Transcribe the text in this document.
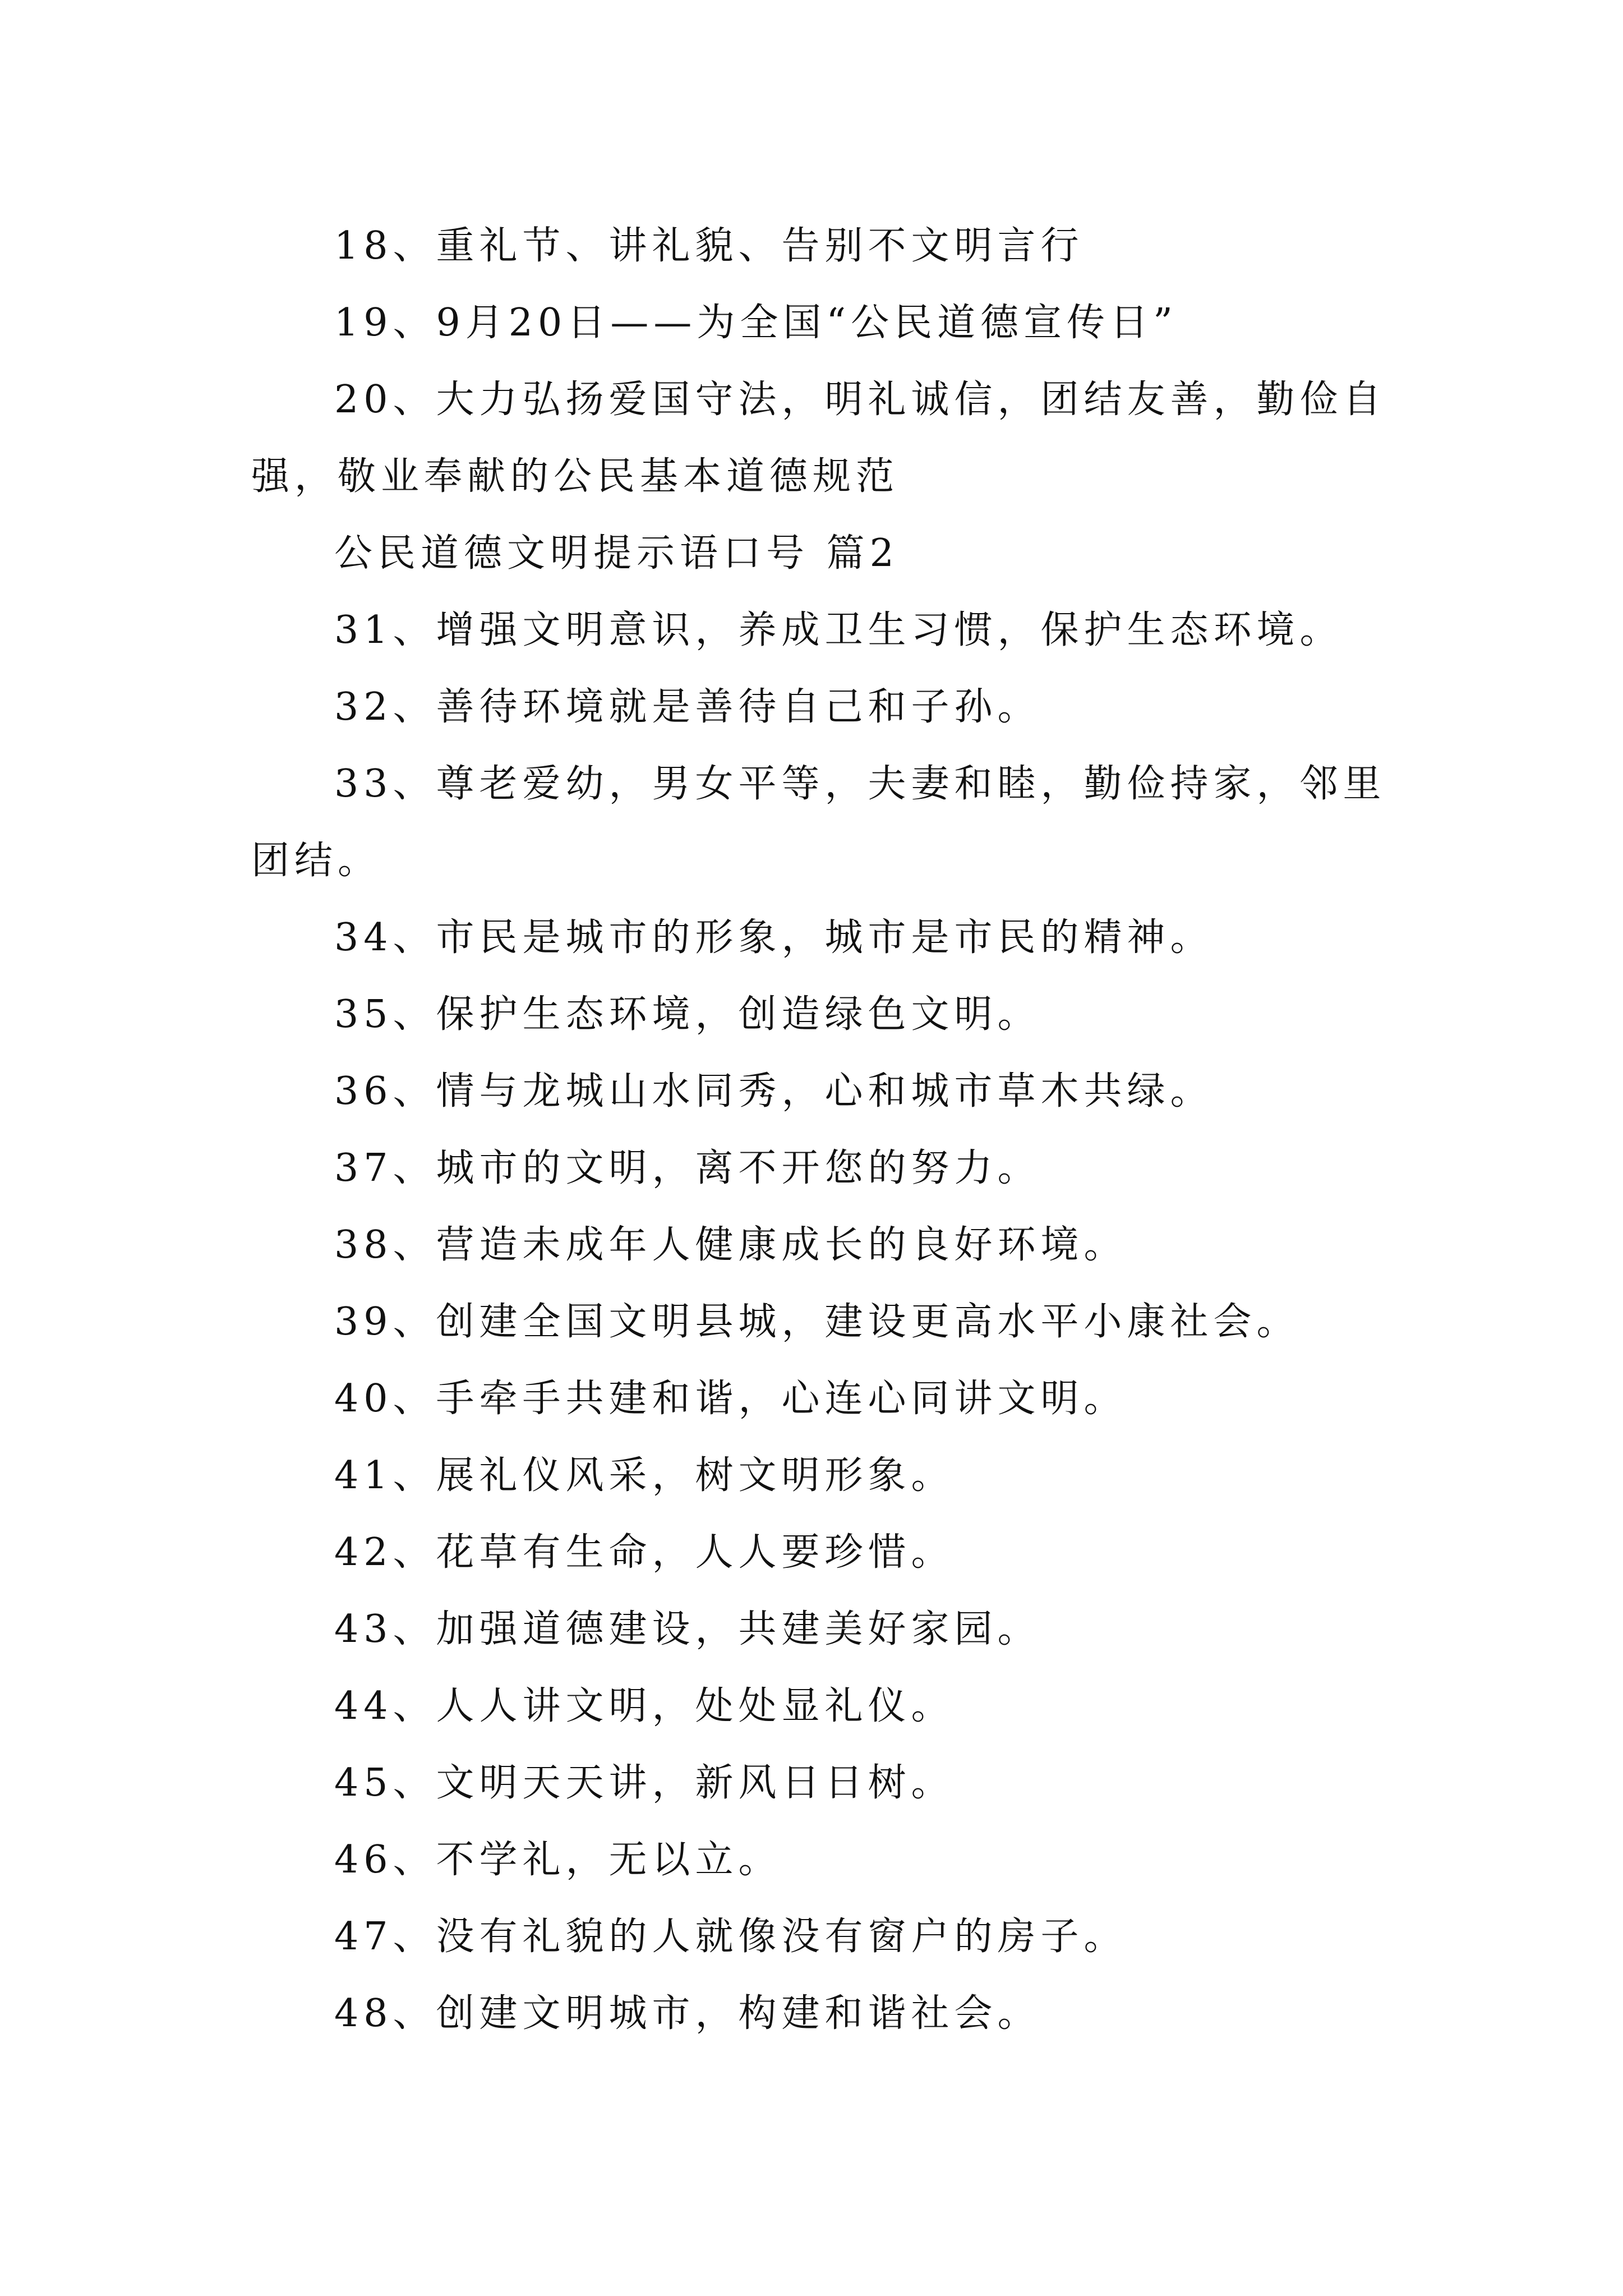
18、重礼节、讲礼貌、告别不文明言行

19、9月20日——为全国“公民道德宣传日”

20、大力弘扬爱国守法，明礼诚信，团结友善，勤俭自强，敬业奉献的公民基本道德规范

公民道德文明提示语口号 篇2

31、增强文明意识，养成卫生习惯，保护生态环境。

32、善待环境就是善待自己和子孙。

33、尊老爱幼，男女平等，夫妻和睦，勤俭持家，邻里团结。

34、市民是城市的形象，城市是市民的精神。

35、保护生态环境，创造绿色文明。

36、情与龙城山水同秀，心和城市草木共绿。

37、城市的文明，离不开您的努力。

38、营造未成年人健康成长的良好环境。

39、创建全国文明县城，建设更高水平小康社会。

40、手牵手共建和谐，心连心同讲文明。

41、展礼仪风采，树文明形象。

42、花草有生命，人人要珍惜。

43、加强道德建设，共建美好家园。

44、人人讲文明，处处显礼仪。

45、文明天天讲，新风日日树。

46、不学礼，无以立。

47、没有礼貌的人就像没有窗户的房子。

48、创建文明城市，构建和谐社会。
